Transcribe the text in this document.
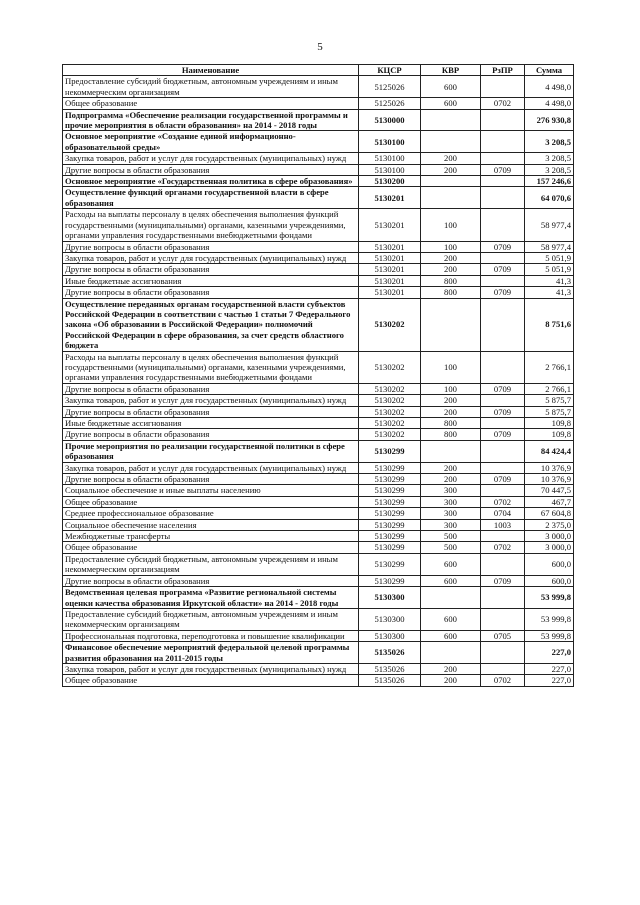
5
Наименование	КЦСР	КВР	РзПР	Сумма
Предоставление субсидий бюджетным, автономным учреждениям и иным некоммерческим организациям	5125026	600		4 498,0
Общее образование	5125026	600	0702	4 498,0
Подпрограмма «Обеспечение реализации государственной программы и прочие мероприятия в области образования» на 2014 - 2018 годы	5130000			276 930,8
Основное мероприятие «Создание единой информационно-образовательной среды»	5130100			3 208,5
Закупка товаров, работ и услуг для государственных (муниципальных) нужд	5130100	200		3 208,5
Другие вопросы в области образования	5130100	200	0709	3 208,5
Основное мероприятие «Государственная политика в сфере образования»	5130200			157 246,6
Осуществление функций органами государственной власти в сфере образования	5130201			64 070,6
Расходы на выплаты персоналу в целях обеспечения выполнения функций государственными (муниципальными) органами, казенными учреждениями, органами управления государственными внебюджетными фондами	5130201	100		58 977,4
Другие вопросы в области образования	5130201	100	0709	58 977,4
Закупка товаров, работ и услуг для государственных (муниципальных) нужд	5130201	200		5 051,9
Другие вопросы в области образования	5130201	200	0709	5 051,9
Иные бюджетные ассигнования	5130201	800		41,3
Другие вопросы в области образования	5130201	800	0709	41,3
Осуществление переданных органам государственной власти субъектов Российской Федерации в соответствии с частью 1 статьи 7 Федерального закона «Об образовании в Российской Федерации» полномочий Российской Федерации в сфере образования, за счет средств областного бюджета	5130202			8 751,6
Расходы на выплаты персоналу в целях обеспечения выполнения функций государственными (муниципальными) органами, казенными учреждениями, органами управления государственными внебюджетными фондами	5130202	100		2 766,1
Другие вопросы в области образования	5130202	100	0709	2 766,1
Закупка товаров, работ и услуг для государственных (муниципальных) нужд	5130202	200		5 875,7
Другие вопросы в области образования	5130202	200	0709	5 875,7
Иные бюджетные ассигнования	5130202	800		109,8
Другие вопросы в области образования	5130202	800	0709	109,8
Прочие мероприятия по реализации государственной политики в сфере образования	5130299			84 424,4
Закупка товаров, работ и услуг для государственных (муниципальных) нужд	5130299	200		10 376,9
Другие вопросы в области образования	5130299	200	0709	10 376,9
Социальное обеспечение и иные выплаты населению	5130299	300		70 447,5
Общее образование	5130299	300	0702	467,7
Среднее профессиональное образование	5130299	300	0704	67 604,8
Социальное обеспечение населения	5130299	300	1003	2 375,0
Межбюджетные трансферты	5130299	500		3 000,0
Общее образование	5130299	500	0702	3 000,0
Предоставление субсидий бюджетным, автономным учреждениям и иным некоммерческим организациям	5130299	600		600,0
Другие вопросы в области образования	5130299	600	0709	600,0
Ведомственная целевая программа «Развитие региональной системы оценки качества образования Иркутской области» на 2014 - 2018 годы	5130300			53 999,8
Предоставление субсидий бюджетным, автономным учреждениям и иным некоммерческим организациям	5130300	600		53 999,8
Профессиональная подготовка, переподготовка и повышение квалификации	5130300	600	0705	53 999,8
Финансовое обеспечение мероприятий федеральной целевой программы развития образования на 2011-2015 годы	5135026			227,0
Закупка товаров, работ и услуг для государственных (муниципальных) нужд	5135026	200		227,0
Общее образование	5135026	200	0702	227,0
